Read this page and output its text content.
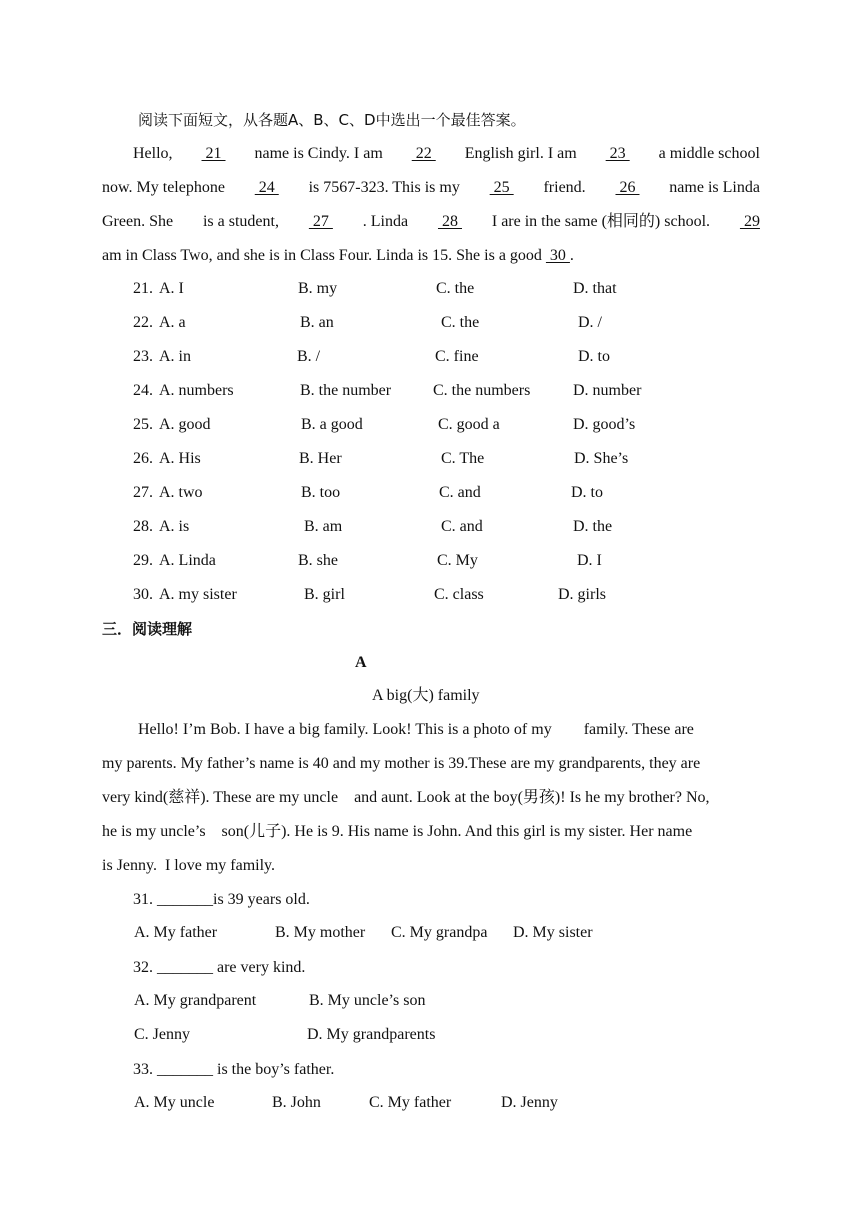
阅读下面短文，从各题A、B、C、D中选出一个最佳答案。
Hello, 21 name is Cindy. I am 22 English girl. I am 23 a middle school
now. My telephone 24 is 7567-323. This is my 25 friend. 26 name is Linda
Green. She is a student, 27 . Linda 28 I are in the same (相同的) school. 29
am in Class Two, and she is in Class Four. Linda is 15. She is a good  30 .
21. A. I	B. my	C. the	D. that
22. A. a	B. an	C. the	D. /
23. A. in	B. /	C. fine	D. to
24. A. numbers	B. the number	C. the numbers	D. number
25. A. good	B. a good	C. good a	D. good’s
26. A. His	B. Her	C. The	D. She’s
27. A. two	B. too	C. and	D. to
28. A. is	B. am	C. and	D. the
29. A. Linda	B. she	C. My	D. I
30. A. my sister	B. girl	C. class	D. girls
三．阅读理解
A
A big(大) family
Hello! I’m Bob. I have a big family. Look! This is a photo of my        family. These are
my parents. My father’s name is 40 and my mother is 39.These are my grandparents, they are
very kind(慈祥). These are my uncle    and aunt. Look at the boy(男孩)! Is he my brother? No,
he is my uncle’s    son(儿子). He is 9. His name is John. And this girl is my sister. Her name
is Jenny.  I love my family.
31. _______is 39 years old.
A. My father	B. My mother C. My grandpa D. My sister
32. _______ are very kind.
A. My grandparent	B. My uncle’s son
C. Jenny	D. My grandparents
33. _______ is the boy’s father.
A. My uncle	B. John	C. My father	D. Jenny
